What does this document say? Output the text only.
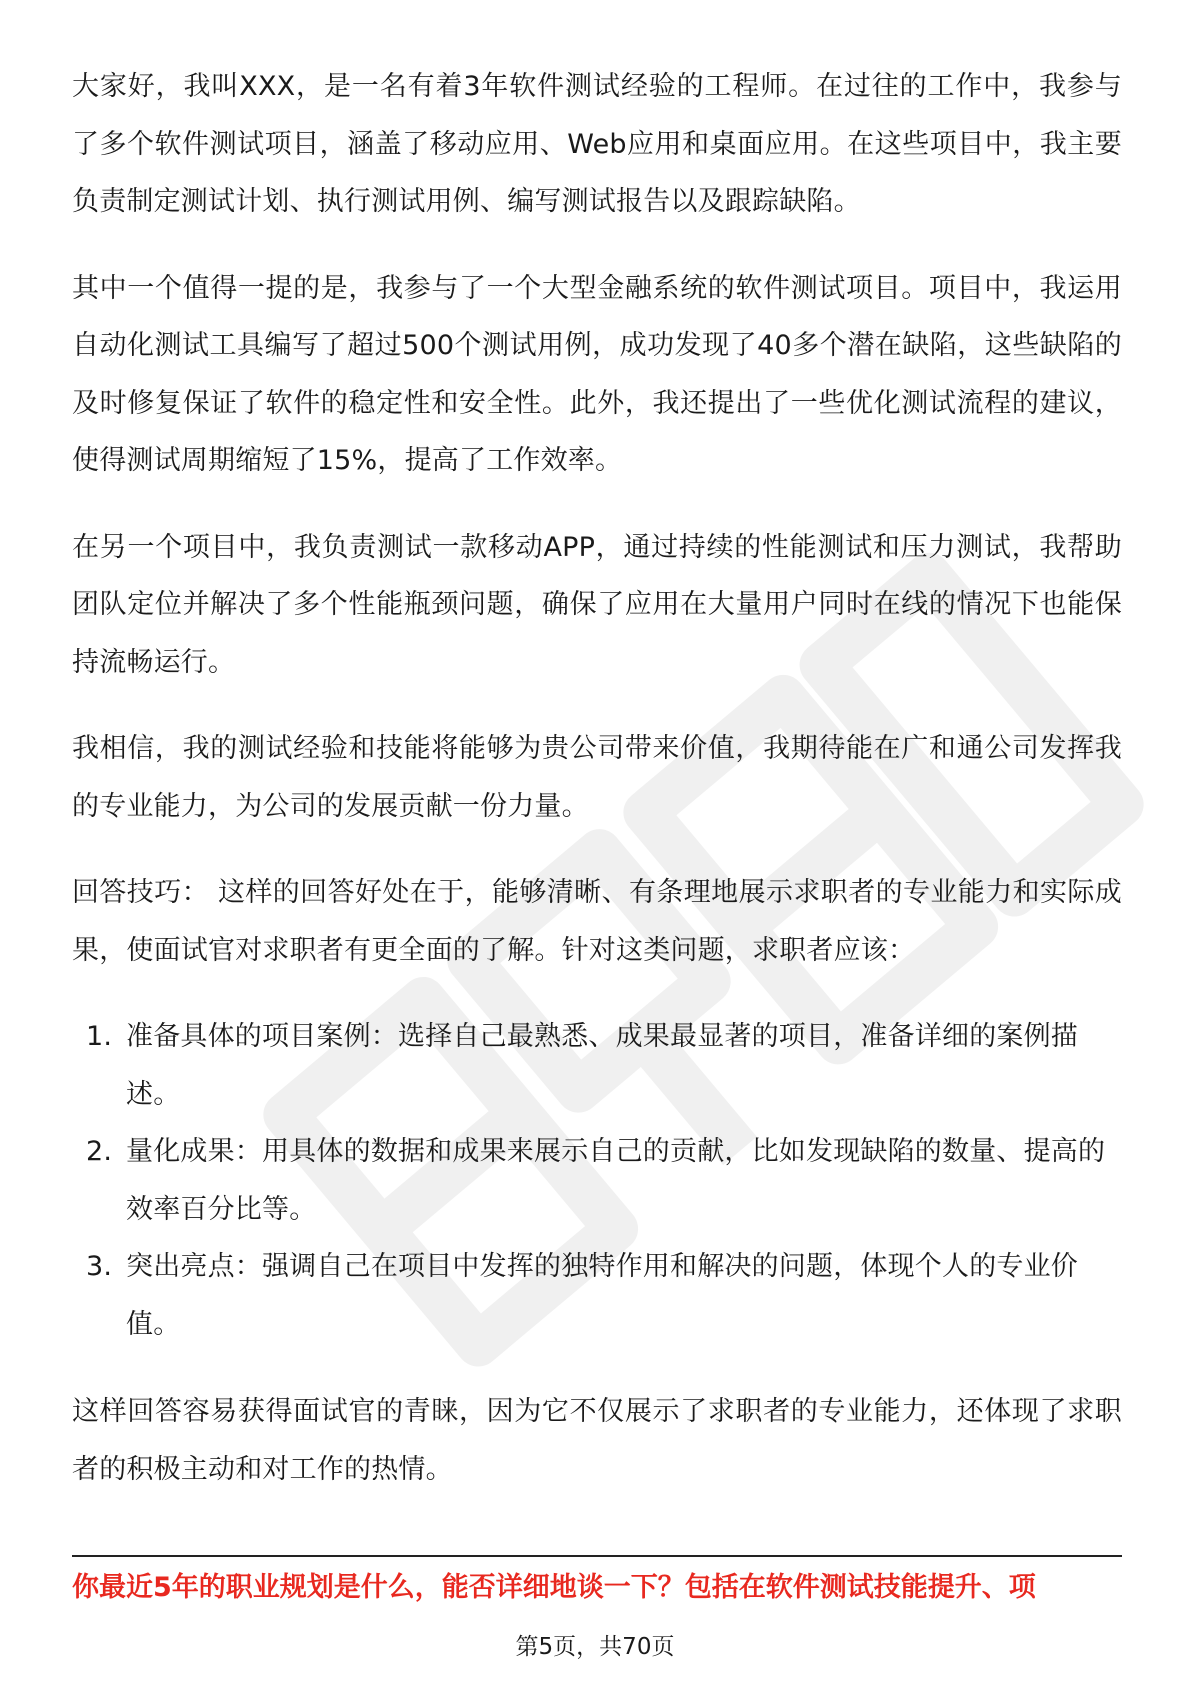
大家好，我叫XXX，是一名有着3年软件测试经验的工程师。在过往的工作中，我参与了多个软件测试项目，涵盖了移动应用、Web应用和桌面应用。在这些项目中，我主要负责制定测试计划、执行测试用例、编写测试报告以及跟踪缺陷。

其中一个值得一提的是，我参与了一个大型金融系统的软件测试项目。项目中，我运用自动化测试工具编写了超过500个测试用例，成功发现了40多个潜在缺陷，这些缺陷的及时修复保证了软件的稳定性和安全性。此外，我还提出了一些优化测试流程的建议，使得测试周期缩短了15%，提高了工作效率。

在另一个项目中，我负责测试一款移动APP，通过持续的性能测试和压力测试，我帮助团队定位并解决了多个性能瓶颈问题，确保了应用在大量用户同时在线的情况下也能保持流畅运行。

我相信，我的测试经验和技能将能够为贵公司带来价值，我期待能在广和通公司发挥我的专业能力，为公司的发展贡献一份力量。

回答技巧： 这样的回答好处在于，能够清晰、有条理地展示求职者的专业能力和实际成果，使面试官对求职者有更全面的了解。针对这类问题，求职者应该：

1. 准备具体的项目案例：选择自己最熟悉、成果最显著的项目，准备详细的案例描述。
2. 量化成果：用具体的数据和成果来展示自己的贡献，比如发现缺陷的数量、提高的效率百分比等。
3. 突出亮点：强调自己在项目中发挥的独特作用和解决的问题，体现个人的专业价值。

这样回答容易获得面试官的青睐，因为它不仅展示了求职者的专业能力，还体现了求职者的积极主动和对工作的热情。

你最近5年的职业规划是什么，能否详细地谈一下？包括在软件测试技能提升、项
第5页，共70页
